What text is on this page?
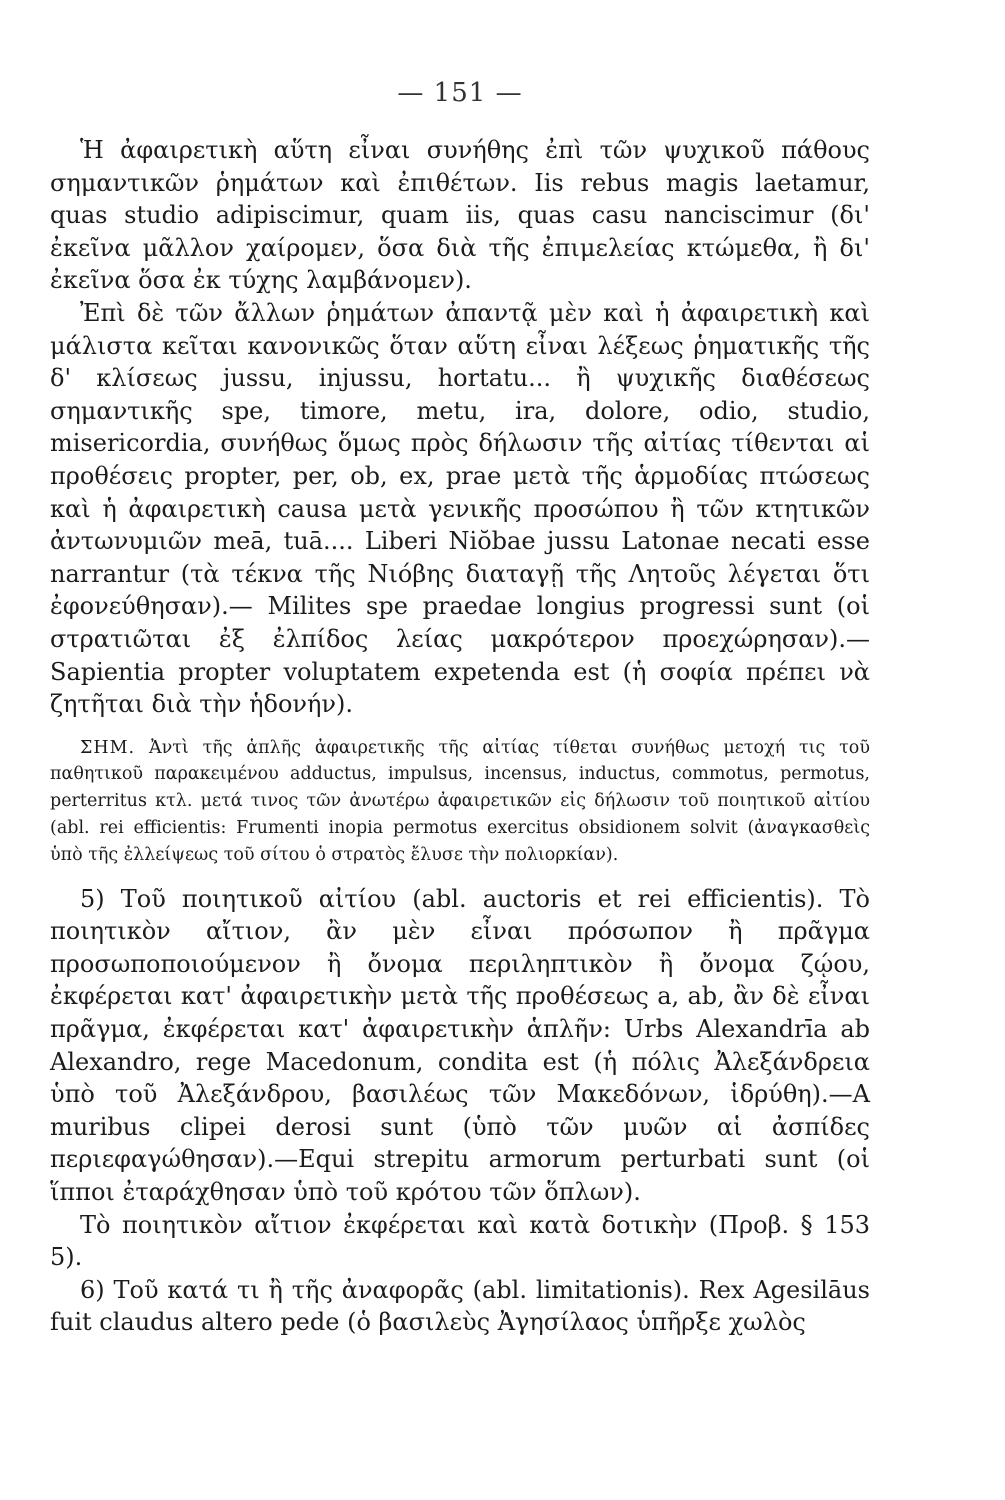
— 151 —

Ἡ ἀφαιρετικὴ αὕτη εἶναι συνήθης ἐπὶ τῶν ψυχικοῦ πάθους σημαντικῶν ῥημάτων καὶ ἐπιθέτων. Iis rebus magis laetamur, quas studio adipiscimur, quam iis, quas casu nanciscimur (δι' ἐκεῖνα μᾶλλον χαίρομεν, ὅσα διὰ τῆς ἐπιμελείας κτώμεθα, ἢ δι' ἐκεῖνα ὅσα ἐκ τύχης λαμβάνομεν).

Ἐπὶ δὲ τῶν ἄλλων ῥημάτων ἀπαντᾷ μὲν καὶ ἡ ἀφαιρετικὴ καὶ μάλιστα κεῖται κανονικῶς ὅταν αὕτη εἶναι λέξεως ῥηματικῆς τῆς δ' κλίσεως jussu, injussu, hortatu... ἢ ψυχικῆς διαθέσεως σημαντικῆς spe, timore, metu, ira, dolore, odio, studio, misericordia, συνήθως ὅμως πρὸς δήλωσιν τῆς αἰτίας τίθενται αἱ προθέσεις propter, per, ob, ex, prae μετὰ τῆς ἁρμοδίας πτώσεως καὶ ἡ ἀφαιρετικὴ causa μετὰ γενικῆς προσώπου ἢ τῶν κτητικῶν ἀντωνυμιῶν meā, tuā.... Liberi Niŏbae jussu Latonae necati esse narrantur (τὰ τέκνα τῆς Νιόβης διαταγῇ τῆς Λητοῦς λέγεται ὅτι ἐφονεύθησαν).— Milites spe praedae longius progressi sunt (οἱ στρατιῶται ἐξ ἐλπίδος λείας μακρότερον προεχώρησαν).—Sapientia propter voluptatem expetenda est (ἡ σοφία πρέπει νὰ ζητῆται διὰ τὴν ἡδονήν).

ΣΗΜ. Ἀντὶ τῆς ἁπλῆς ἀφαιρετικῆς τῆς αἰτίας τίθεται συνήθως μετοχή τις τοῦ παθητικοῦ παρακειμένου adductus, impulsus, incensus, inductus, commotus, permotus, perterritus κτλ. μετά τινος τῶν ἀνωτέρω ἀφαιρετικῶν εἰς δήλωσιν τοῦ ποιητικοῦ αἰτίου (abl. rei efficientis: Frumenti inopia permotus exercitus obsidionem solvit (ἀναγκασθεὶς ὑπὸ τῆς ἐλλείψεως τοῦ σίτου ὁ στρατὸς ἔλυσε τὴν πολιορκίαν).

5) Τοῦ ποιητικοῦ αἰτίου (abl. auctoris et rei efficientis). Τὸ ποιητικὸν αἴτιον, ἂν μὲν εἶναι πρόσωπον ἢ πρᾶγμα προσωποποιούμενον ἢ ὄνομα περιληπτικὸν ἢ ὄνομα ζῴου, ἐκφέρεται κατ' ἀφαιρετικὴν μετὰ τῆς προθέσεως a, ab, ἂν δὲ εἶναι πρᾶγμα, ἐκφέρεται κατ' ἀφαιρετικὴν ἁπλῆν: Urbs Alexandrīa ab Alexandro, rege Macedonum, condita est (ἡ πόλις Ἀλεξάνδρεια ὑπὸ τοῦ Ἀλεξάνδρου, βασιλέως τῶν Μακεδόνων, ἱδρύθη).—A muribus clipei derosi sunt (ὑπὸ τῶν μυῶν αἱ ἀσπίδες περιεφαγώθησαν).—Equi strepitu armorum perturbati sunt (οἱ ἵπποι ἐταράχθησαν ὑπὸ τοῦ κρότου τῶν ὅπλων).

Τὸ ποιητικὸν αἴτιον ἐκφέρεται καὶ κατὰ δοτικὴν (Προβ. § 153 5).

6) Τοῦ κατά τι ἢ τῆς ἀναφορᾶς (abl. limitationis). Rex Agesilāus fuit claudus altero pede (ὁ βασιλεὺς Ἀγησίλαος ὑπῆρξε χωλὸς
